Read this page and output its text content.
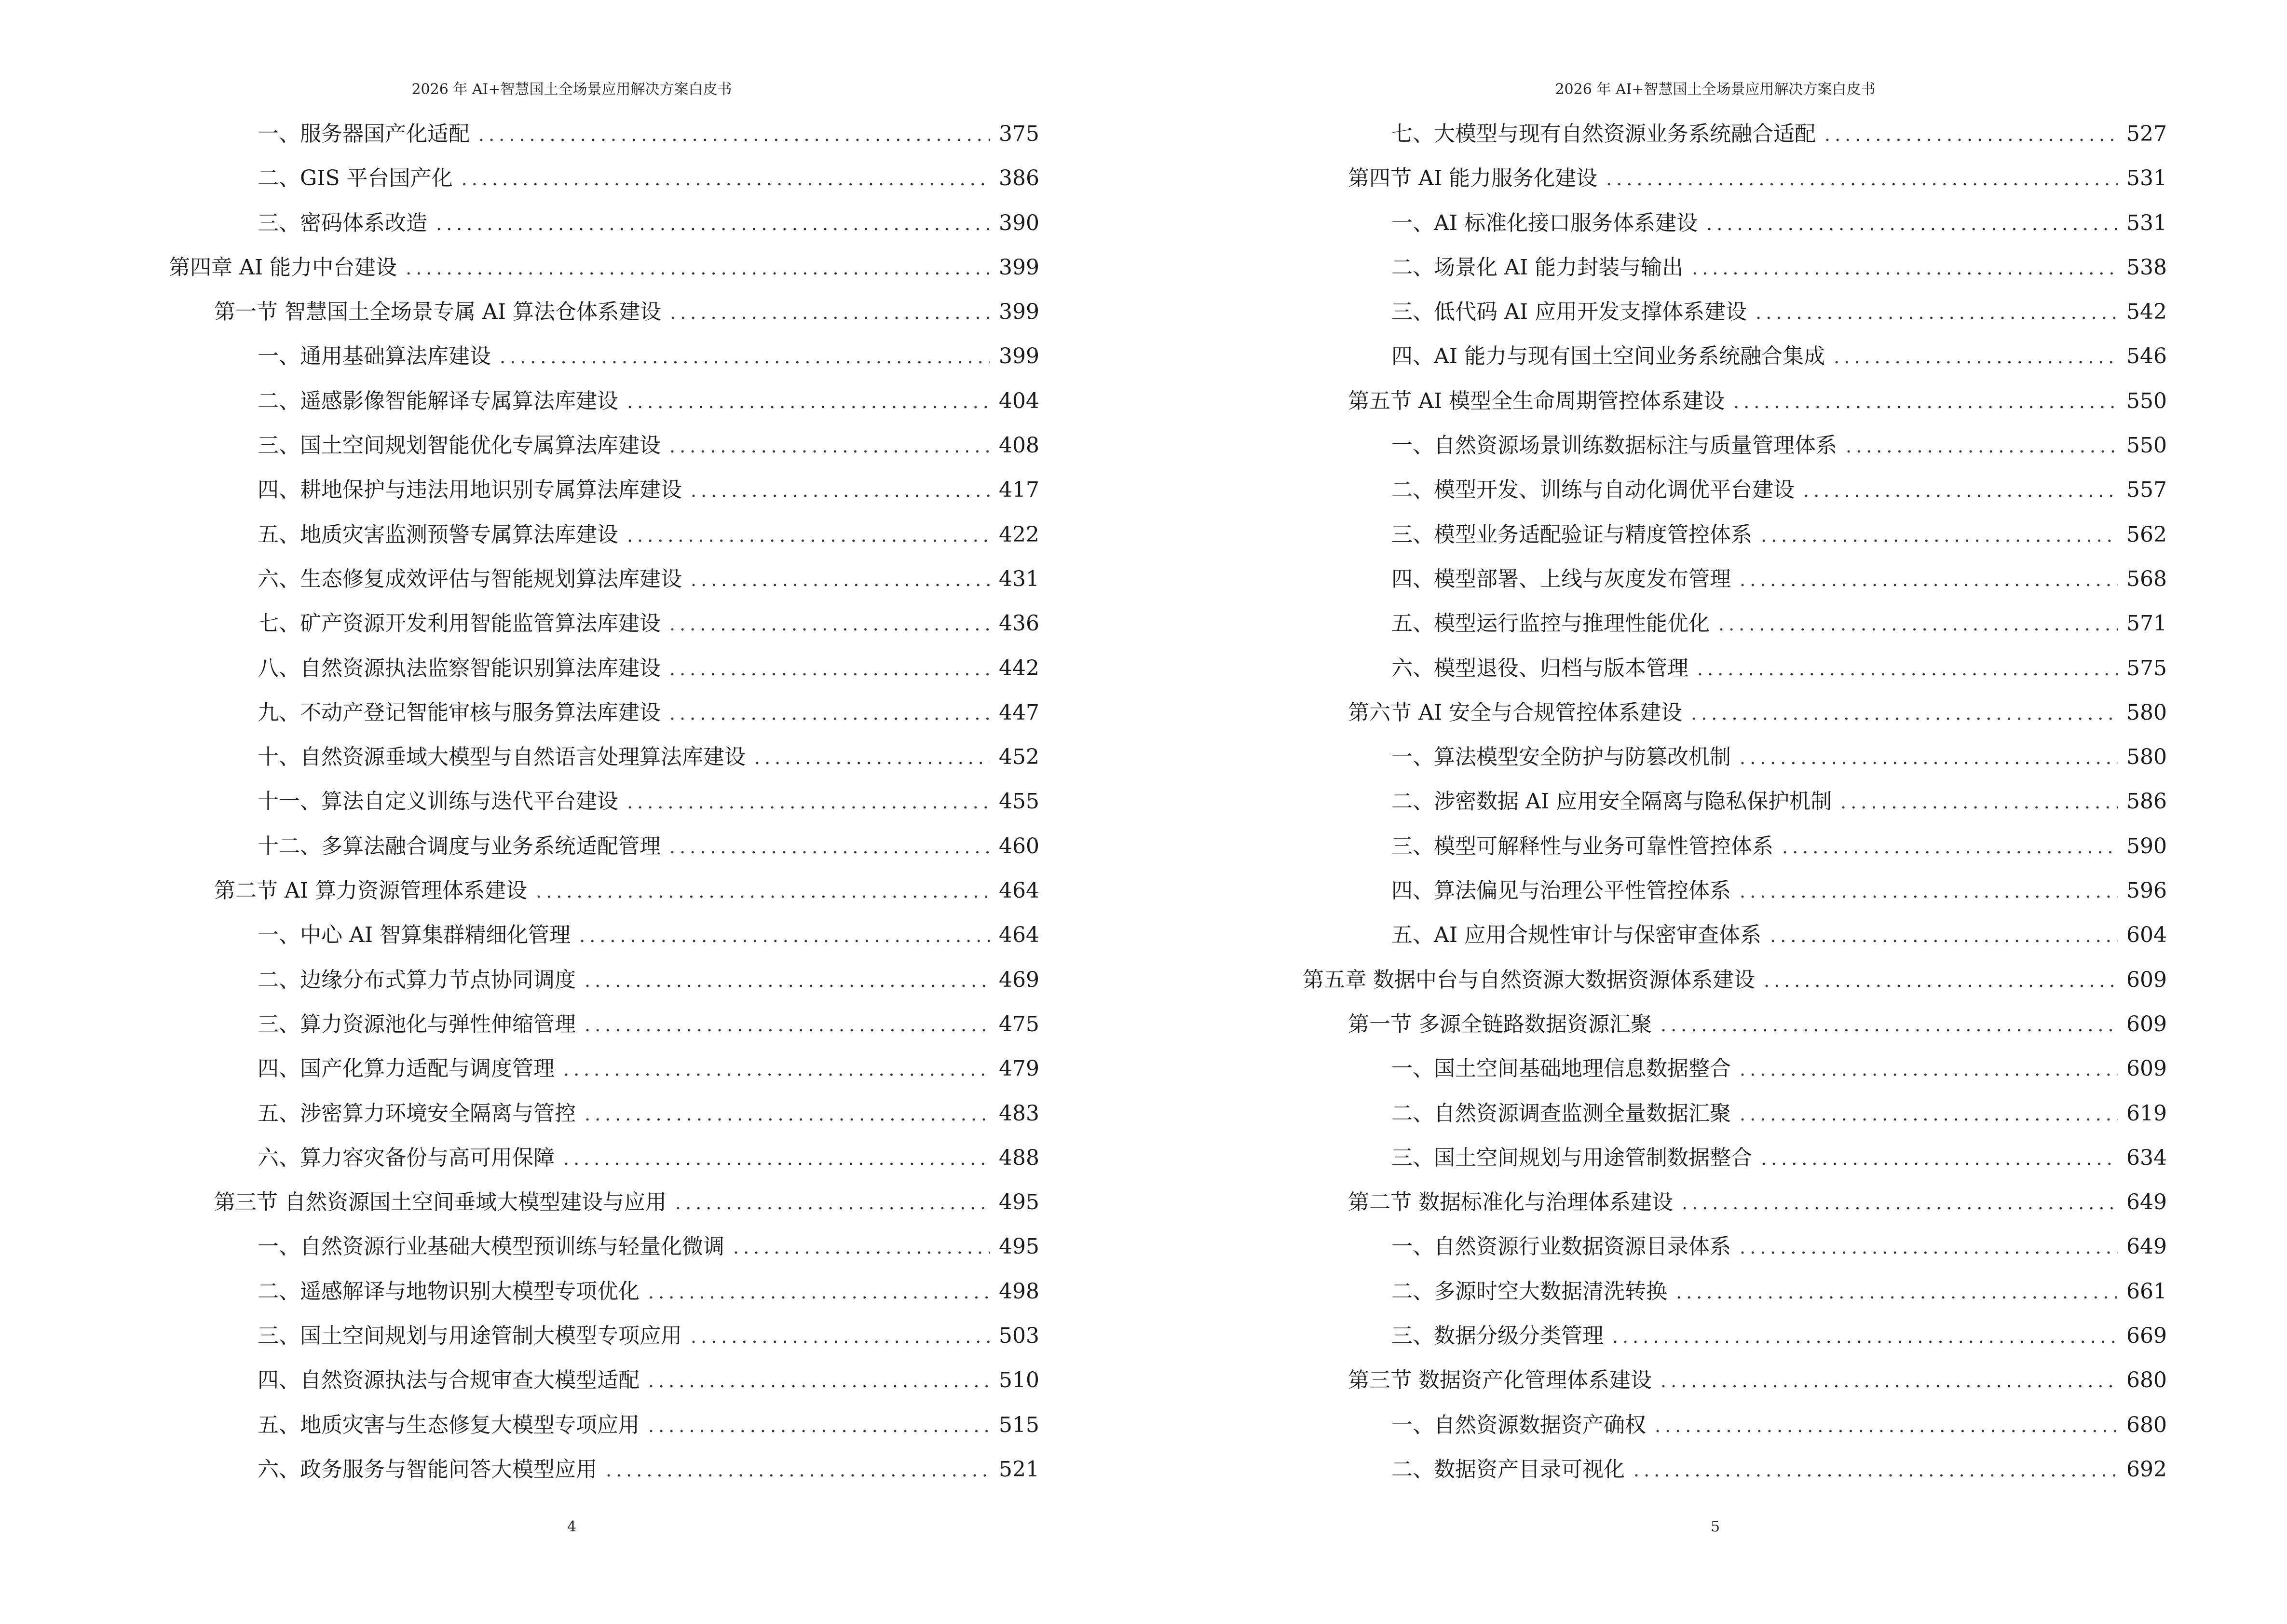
2026 年 AI+智慧国土全场景应用解决方案白皮书
一、服务器国产化适配 .....	375
二、GIS 平台国产化 .....	386
三、密码体系改造 .....	390
第四章 AI 能力中台建设 .....	399
第一节 智慧国土全场景专属 AI 算法仓体系建设 .....	399
一、通用基础算法库建设 .....	399
二、遥感影像智能解译专属算法库建设 .....	404
三、国土空间规划智能优化专属算法库建设 .....	408
四、耕地保护与违法用地识别专属算法库建设 .....	417
五、地质灾害监测预警专属算法库建设 .....	422
六、生态修复成效评估与智能规划算法库建设 .....	431
七、矿产资源开发利用智能监管算法库建设 .....	436
八、自然资源执法监察智能识别算法库建设 .....	442
九、不动产登记智能审核与服务算法库建设 .....	447
十、自然资源垂域大模型与自然语言处理算法库建设 .....	452
十一、算法自定义训练与迭代平台建设 .....	455
十二、多算法融合调度与业务系统适配管理 .....	460
第二节 AI 算力资源管理体系建设 .....	464
一、中心 AI 智算集群精细化管理 .....	464
二、边缘分布式算力节点协同调度 .....	469
三、算力资源池化与弹性伸缩管理 .....	475
四、国产化算力适配与调度管理 .....	479
五、涉密算力环境安全隔离与管控 .....	483
六、算力容灾备份与高可用保障 .....	488
第三节 自然资源国土空间垂域大模型建设与应用 .....	495
一、自然资源行业基础大模型预训练与轻量化微调 .....	495
二、遥感解译与地物识别大模型专项优化 .....	498
三、国土空间规划与用途管制大模型专项应用 .....	503
四、自然资源执法与合规审查大模型适配 .....	510
五、地质灾害与生态修复大模型专项应用 .....	515
六、政务服务与智能问答大模型应用 .....	521
4
2026 年 AI+智慧国土全场景应用解决方案白皮书
七、大模型与现有自然资源业务系统融合适配 .....	527
第四节 AI 能力服务化建设 .....	531
一、AI 标准化接口服务体系建设 .....	531
二、场景化 AI 能力封装与输出 .....	538
三、低代码 AI 应用开发支撑体系建设 .....	542
四、AI 能力与现有国土空间业务系统融合集成 .....	546
第五节 AI 模型全生命周期管控体系建设 .....	550
一、自然资源场景训练数据标注与质量管理体系 .....	550
二、模型开发、训练与自动化调优平台建设 .....	557
三、模型业务适配验证与精度管控体系 .....	562
四、模型部署、上线与灰度发布管理 .....	568
五、模型运行监控与推理性能优化 .....	571
六、模型退役、归档与版本管理 .....	575
第六节 AI 安全与合规管控体系建设 .....	580
一、算法模型安全防护与防篡改机制 .....	580
二、涉密数据 AI 应用安全隔离与隐私保护机制 .....	586
三、模型可解释性与业务可靠性管控体系 .....	590
四、算法偏见与治理公平性管控体系 .....	596
五、AI 应用合规性审计与保密审查体系 .....	604
第五章 数据中台与自然资源大数据资源体系建设 .....	609
第一节 多源全链路数据资源汇聚 .....	609
一、国土空间基础地理信息数据整合 .....	609
二、自然资源调查监测全量数据汇聚 .....	619
三、国土空间规划与用途管制数据整合 .....	634
第二节 数据标准化与治理体系建设 .....	649
一、自然资源行业数据资源目录体系 .....	649
二、多源时空大数据清洗转换 .....	661
三、数据分级分类管理 .....	669
第三节 数据资产化管理体系建设 .....	680
一、自然资源数据资产确权 .....	680
二、数据资产目录可视化 .....	692
5
